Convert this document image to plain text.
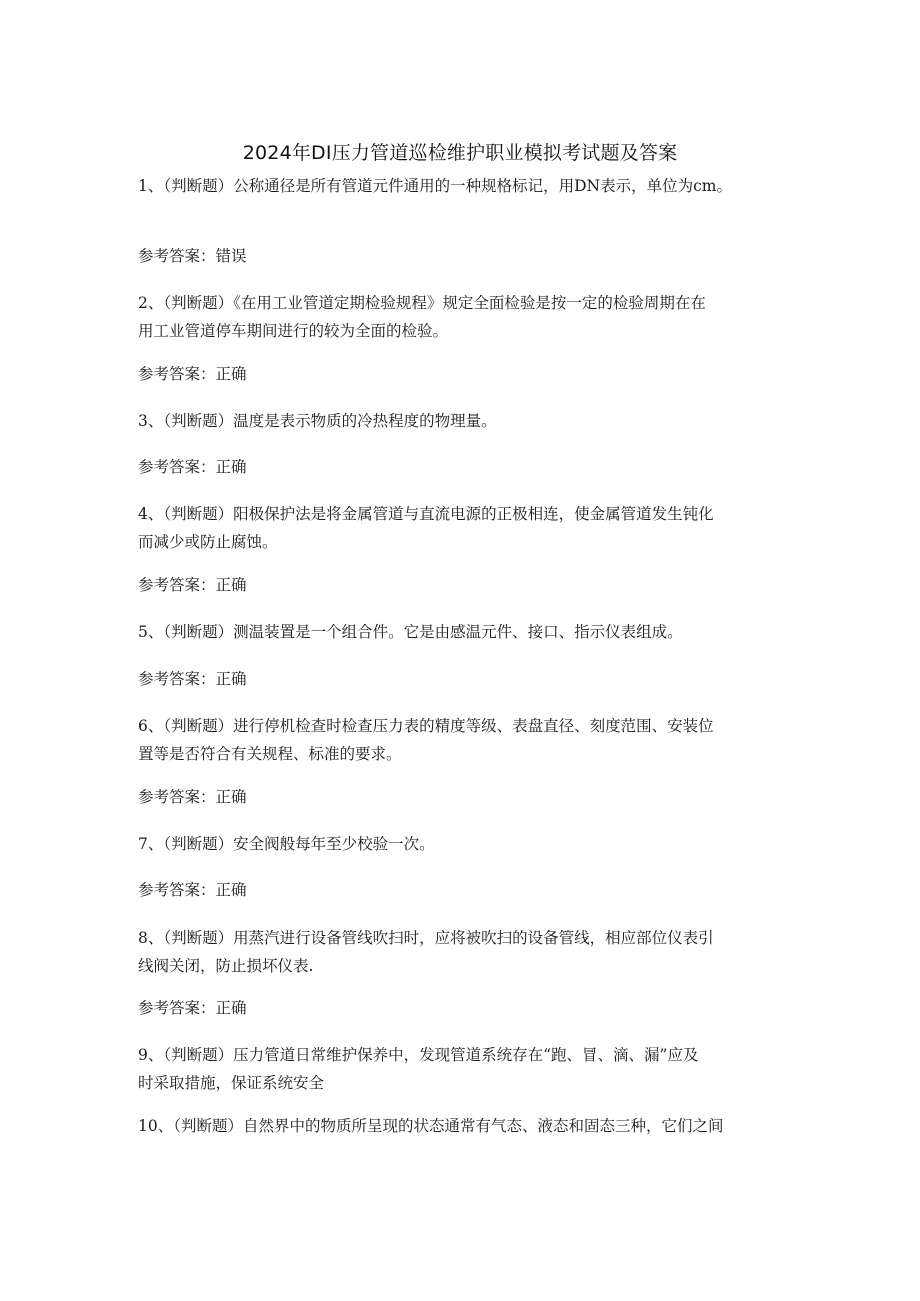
2024年DI压力管道巡检维护职业模拟考试题及答案

1、（判断题）公称通径是所有管道元件通用的一种规格标记，用DN表示，单位为cm。

参考答案：错误

2、（判断题）《在用工业管道定期检验规程》规定全面检验是按一定的检验周期在在
用工业管道停车期间进行的较为全面的检验。

参考答案：正确

3、（判断题）温度是表示物质的冷热程度的物理量。

参考答案：正确

4、（判断题）阳极保护法是将金属管道与直流电源的正极相连，使金属管道发生钝化
而减少或防止腐蚀。

参考答案：正确

5、（判断题）测温装置是一个组合件。它是由感温元件、接口、指示仪表组成。

参考答案：正确

6、（判断题）进行停机检查时检查压力表的精度等级、表盘直径、刻度范围、安装位
置等是否符合有关规程、标准的要求。

参考答案：正确

7、（判断题）安全阀般每年至少校验一次。

参考答案：正确

8、（判断题）用蒸汽进行设备管线吹扫时，应将被吹扫的设备管线，相应部位仪表引
线阀关闭，防止损坏仪表.

参考答案：正确

9、（判断题）压力管道日常维护保养中，发现管道系统存在“跑、冒、滴、漏”应及
时采取措施，保证系统安全

10、（判断题）自然界中的物质所呈现的状态通常有气态、液态和固态三种，它们之间
